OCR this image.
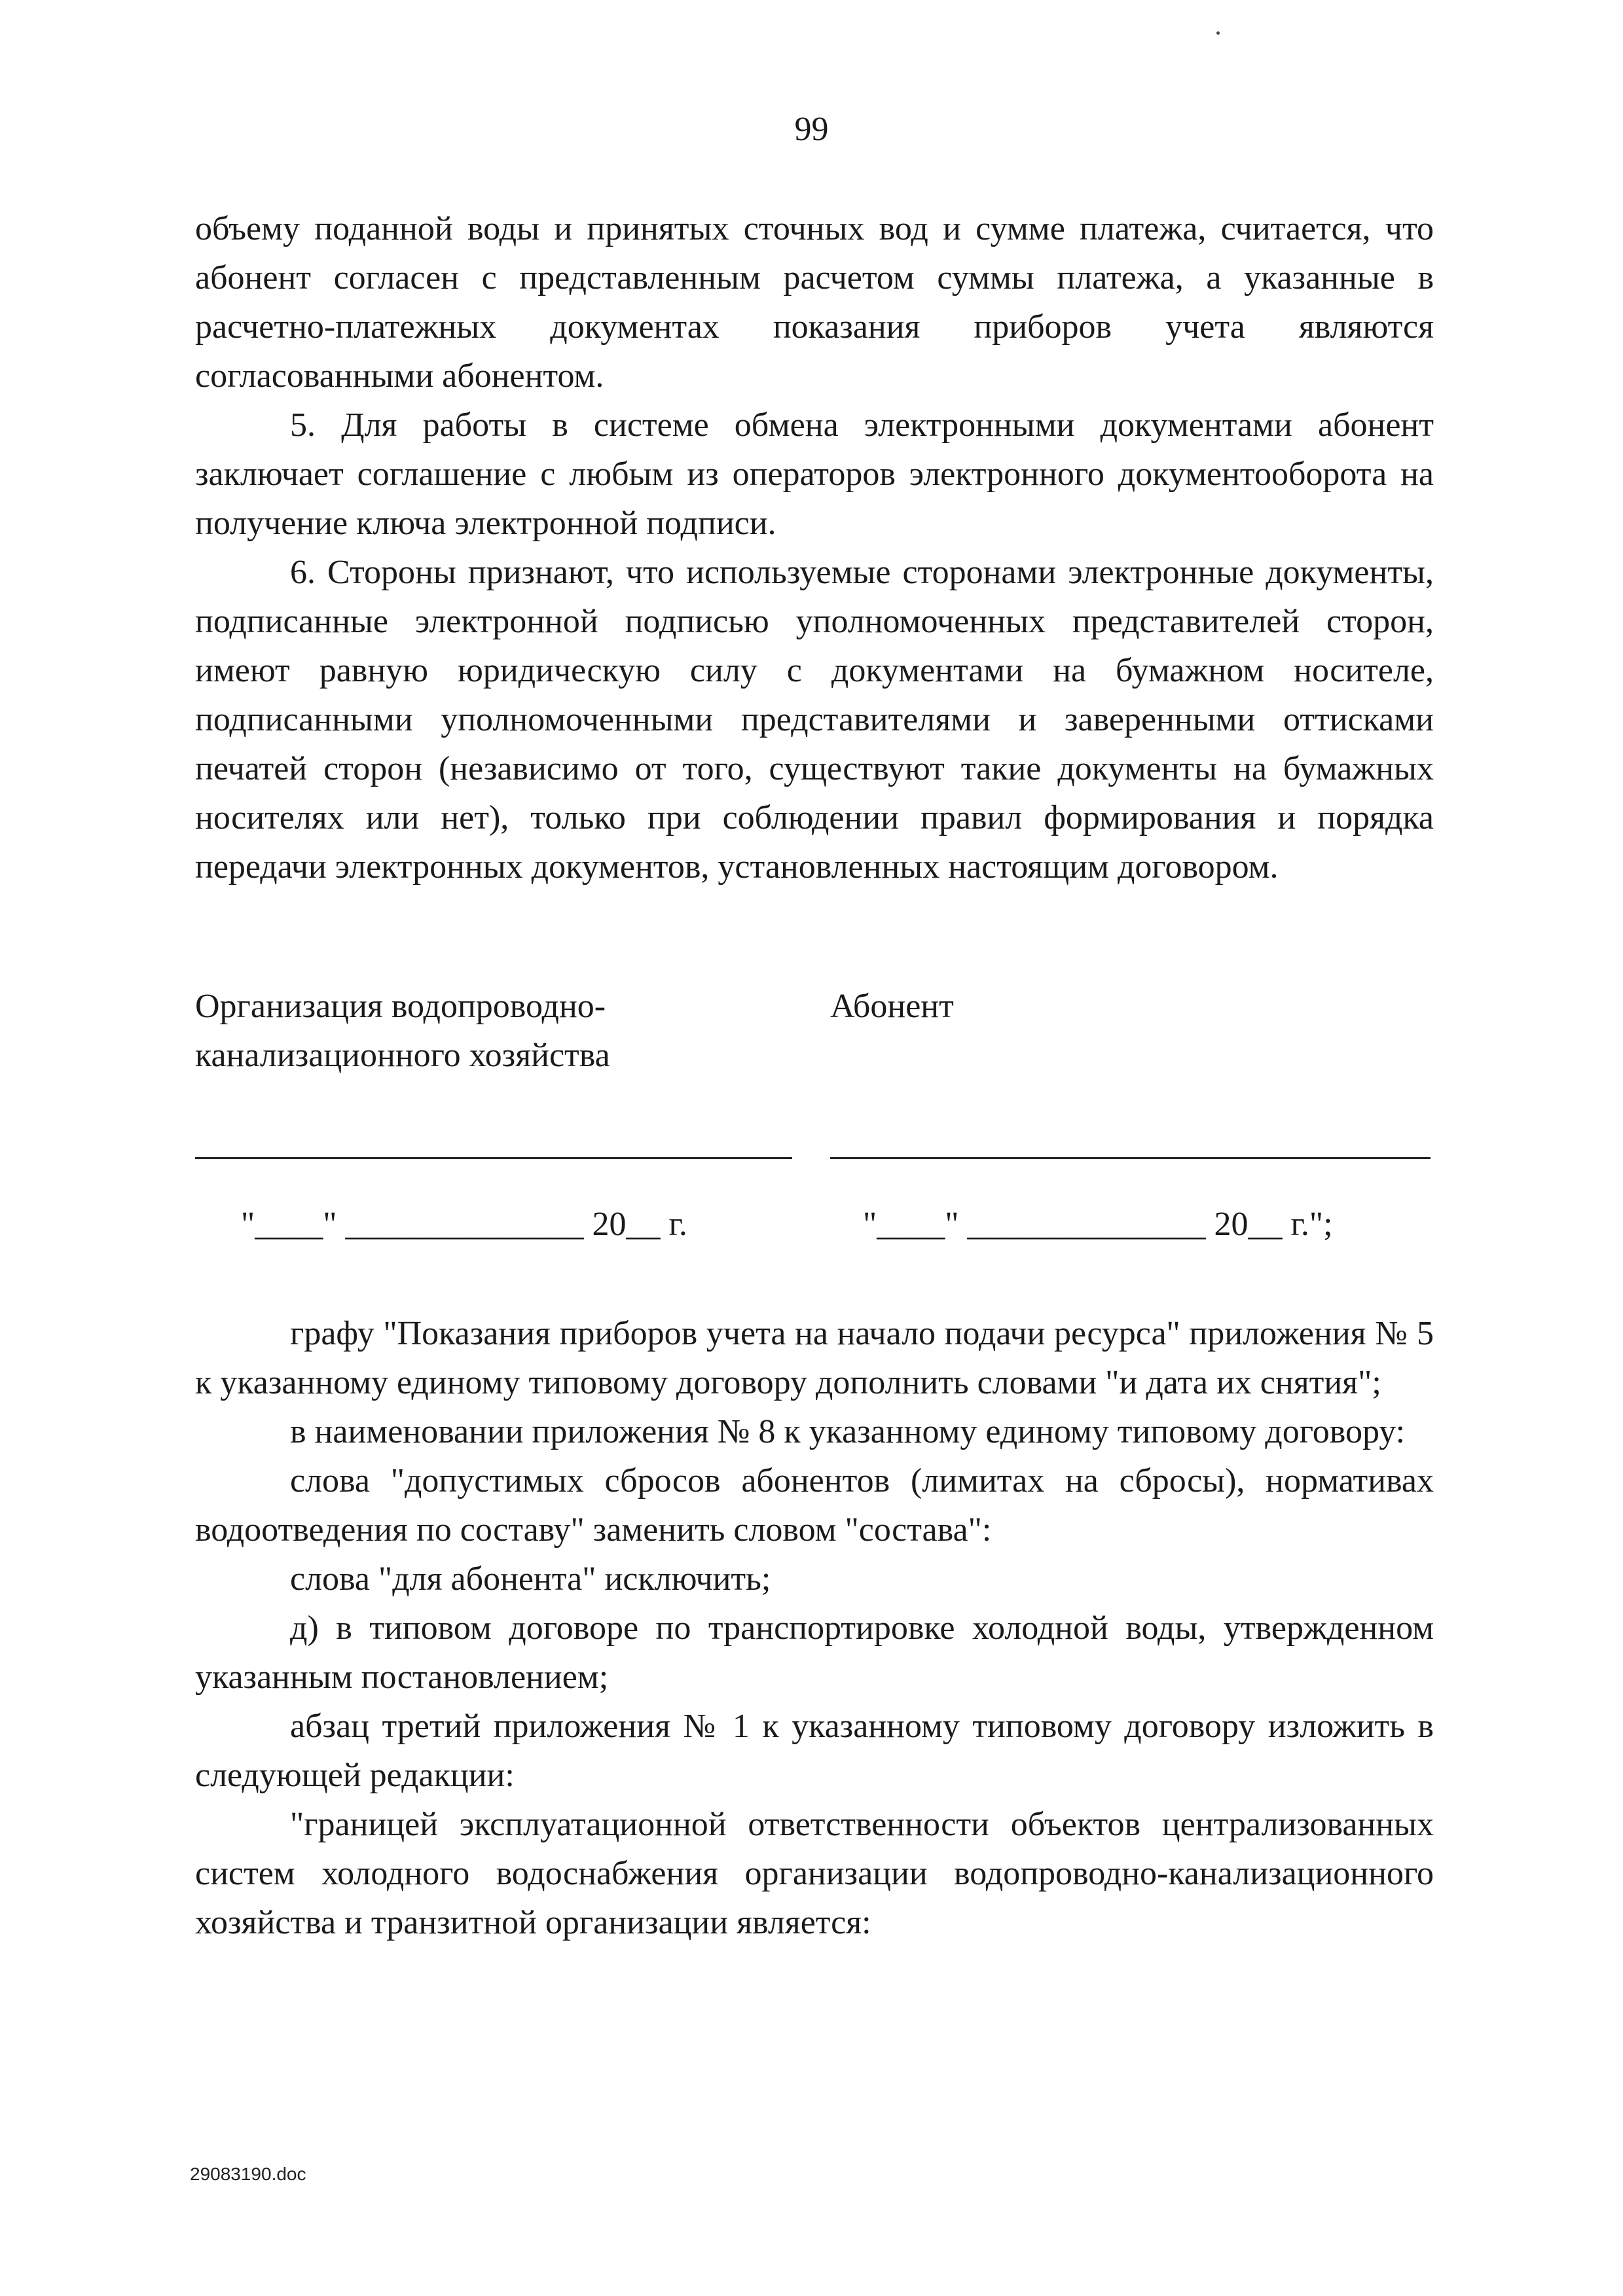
99

объему поданной воды и принятых сточных вод и сумме платежа, считается, что абонент согласен с представленным расчетом суммы платежа, а указанные в расчетно-платежных документах показания приборов учета являются согласованными абонентом.

5. Для работы в системе обмена электронными документами абонент заключает соглашение с любым из операторов электронного документооборота на получение ключа электронной подписи.

6. Стороны признают, что используемые сторонами электронные документы, подписанные электронной подписью уполномоченных представителей сторон, имеют равную юридическую силу с документами на бумажном носителе, подписанными уполномоченными представителями и заверенными оттисками печатей сторон (независимо от того, существуют такие документы на бумажных носителях или нет), только при соблюдении правил формирования и порядка передачи электронных документов, установленных настоящим договором.

Организация водопроводно-канализационного хозяйства
Абонент
"____" ______________ 20__ г.	"____" ______________ 20__ г.";

графу "Показания приборов учета на начало подачи ресурса" приложения № 5 к указанному единому типовому договору дополнить словами "и дата их снятия";

в наименовании приложения № 8 к указанному единому типовому договору:

слова "допустимых сбросов абонентов (лимитах на сбросы), нормативах водоотведения по составу" заменить словом "состава":

слова "для абонента" исключить;

д) в типовом договоре по транспортировке холодной воды, утвержденном указанным постановлением;

абзац третий приложения № 1 к указанному типовому договору изложить в следующей редакции:

"границей эксплуатационной ответственности объектов централизованных систем холодного водоснабжения организации водопроводно-канализационного хозяйства и транзитной организации является:

29083190.doc
